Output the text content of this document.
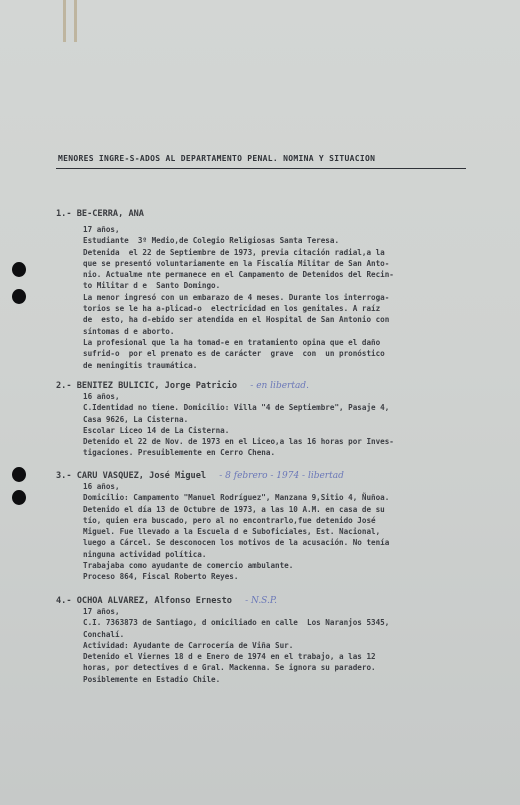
MENORES INGRE-S-ADOS AL DEPARTAMENTO PENAL. NOMINA Y SITUACION
1.- BE-CERRA, ANA
17 años,
Estudiante  3º Medio,de Colegio Religiosas Santa Teresa.
Detenida  el 22 de Septiembre de 1973, previa citación radial,a la
que se presentó voluntariamente en la Fiscalía Militar de San Anto-
nio. Actualme nte permanece en el Campamento de Detenidos del Recin-
to Militar d e  Santo Domingo.
La menor ingresó con un embarazo de 4 meses. Durante los interroga-
torios se le ha a-plicad-o  electricidad en los genitales. A raíz
de  esto, ha d-ebido ser atendida en el Hospital de San Antonio con
síntomas d e aborto.
La profesional que la ha tomad-e en tratamiento opina que el daño
sufrid-o  por el prenato es de carácter  grave  con  un pronóstico
de meningitis traumática.
2.- BENITEZ BULICIC, Jorge Patricio - en libertad.
16 años,
C.Identidad no tiene. Domicilio: Villa "4 de Septiembre", Pasaje 4,
Casa 9626, La Cisterna.
Escolar Liceo 14 de La Cisterna.
Detenido el 22 de Nov. de 1973 en el Liceo,a las 16 horas por Inves-
tigaciones. Presuiblemente en Cerro Chena.
3.- CARU VASQUEZ, José Miguel - 8 febrero - 1974 - libertad
16 años,
Domicilio: Campamento "Manuel Rodríguez", Manzana 9,Sitio 4, Ñuñoa.
Detenido el día 13 de Octubre de 1973, a las 10 A.M. en casa de su
tío, quien era buscado, pero al no encontrarlo,fue detenido José
Miguel. Fue llevado a la Escuela d e Suboficiales, Est. Nacional,
luego a Cárcel. Se desconocen los motivos de la acusación. No tenía
ninguna actividad política.
Trabajaba como ayudante de comercio ambulante.
Proceso 864, Fiscal Roberto Reyes.
4.- OCHOA ALVAREZ, Alfonso Ernesto - N.S.P.
17 años,
C.I. 7363873 de Santiago, d omiciliado en calle  Los Naranjos 5345,
Conchalí.
Actividad: Ayudante de Carrocería de Viña Sur.
Detenido el Viernes 18 d e Enero de 1974 en el trabajo, a las 12
horas, por detectives d e Gral. Mackenna. Se ignora su paradero.
Posiblemente en Estadio Chile.
